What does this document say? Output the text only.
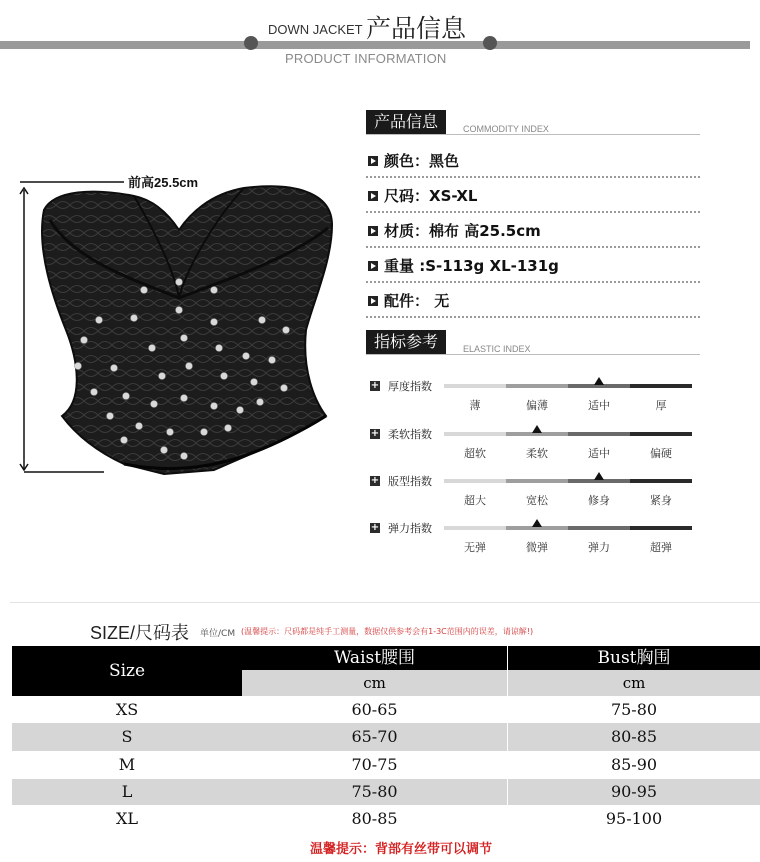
DOWN JACKET 产品信息
PRODUCT INFORMATION
前高25.5cm
产品信息	COMMODITY INDEX
颜色：黑色
尺码：XS-XL
材质：棉布 高25.5cm
重量 :S-113g XL-131g
配件： 无
指标参考	ELASTIC INDEX
+ 厚度指数
薄	偏薄	适中	厚
+ 柔软指数
超软	柔软	适中	偏硬
+ 版型指数
超大	宽松	修身	紧身
+ 弹力指数
无弹	微弹	弹力	超弹
SIZE/尺码表 单位/CM (温馨提示：尺码都是纯手工测量，数据仅供参考会有1-3C范围内的误差，请谅解!)
Size
Waist腰围	Bust胸围
cm	cm
XS	60-65	75-80
S	65-70	80-85
M	70-75	85-90
L	75-80	90-95
XL	80-85	95-100
温馨提示：背部有丝带可以调节
